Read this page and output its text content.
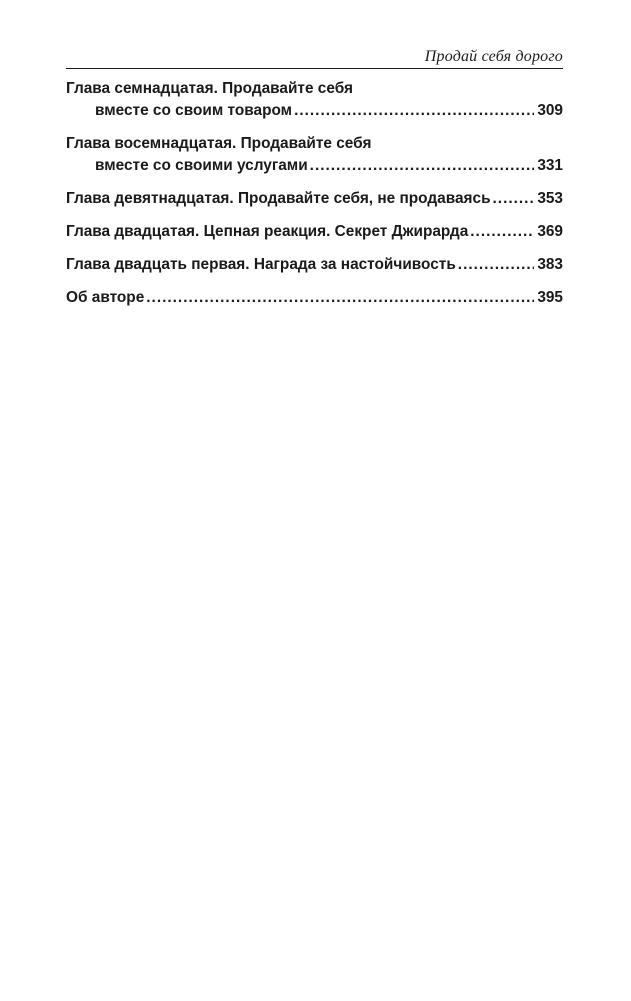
Продай себя дорого
Глава семнадцатая. Продавайте себя
вместе со своим товаром .....	309
Глава восемнадцатая. Продавайте себя
вместе со своими услугами .....	331
Глава девятнадцатая. Продавайте себя, не продаваясь .....	353
Глава двадцатая. Цепная реакция. Секрет Джирарда .....	369
Глава двадцать первая. Награда за настойчивость .....	383
Об авторе .....	395
